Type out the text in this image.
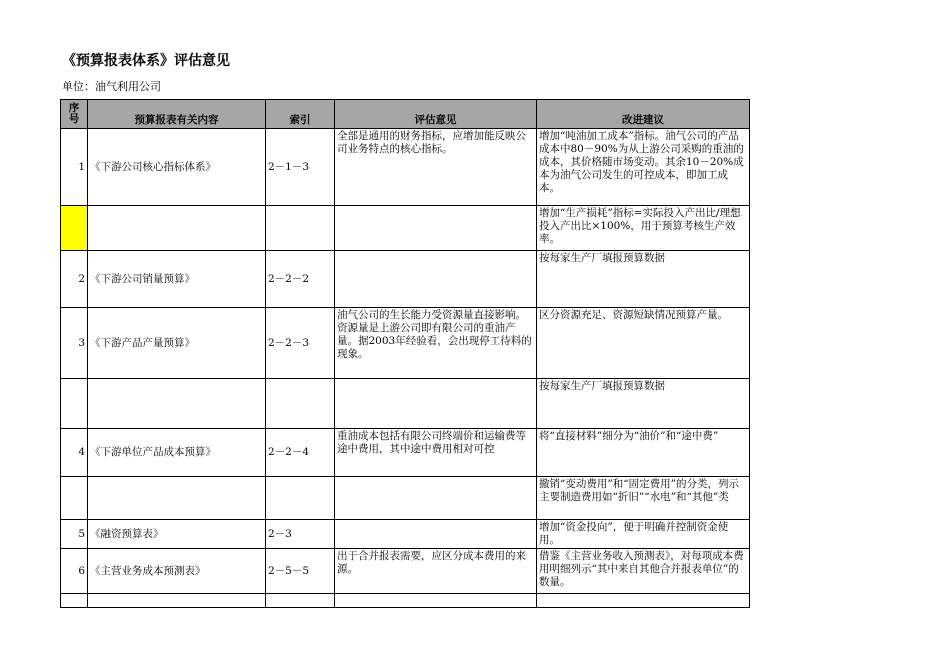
《预算报表体系》评估意见
单位：油气利用公司
序
号	预算报表有关内容	索引	评估意见	改进建议
1	《下游公司核心指标体系》	2－1－3	全部是通用的财务指标，应增加能反映公司业务特点的核心指标。	增加“吨油加工成本”指标。油气公司的产品成本中80－90%为从上游公司采购的重油的成本，其价格随市场变动。其余10－20%成本为油气公司发生的可控成本，即加工成本。
				增加“生产损耗”指标=实际投入产出比/理想投入产出比×100%，用于预算考核生产效率。
2	《下游公司销量预算》	2－2－2		按每家生产厂填报预算数据
3	《下游产品产量预算》	2－2－3	油气公司的生长能力受资源量直接影响。资源量是上游公司即有限公司的重油产量。据2003年经验看，会出现停工待料的现象。	区分资源充足、资源短缺情况预算产量。
				按每家生产厂填报预算数据
4	《下游单位产品成本预算》	2－2－4	重油成本包括有限公司终端价和运输费等途中费用，其中途中费用相对可控	将“直接材料”细分为“油价”和“途中费”
				撤销“变动费用”和“固定费用”的分类，列示主要制造费用如“折旧”“水电”和“其他”类
5	《融资预算表》	2－3		增加“资金投向”，便于明确并控制资金使用。
6	《主营业务成本预测表》	2－5－5	出于合并报表需要，应区分成本费用的来源。	借鉴《主营业务收入预测表》，对每项成本费用明细列示“其中来自其他合并报表单位”的数量。
